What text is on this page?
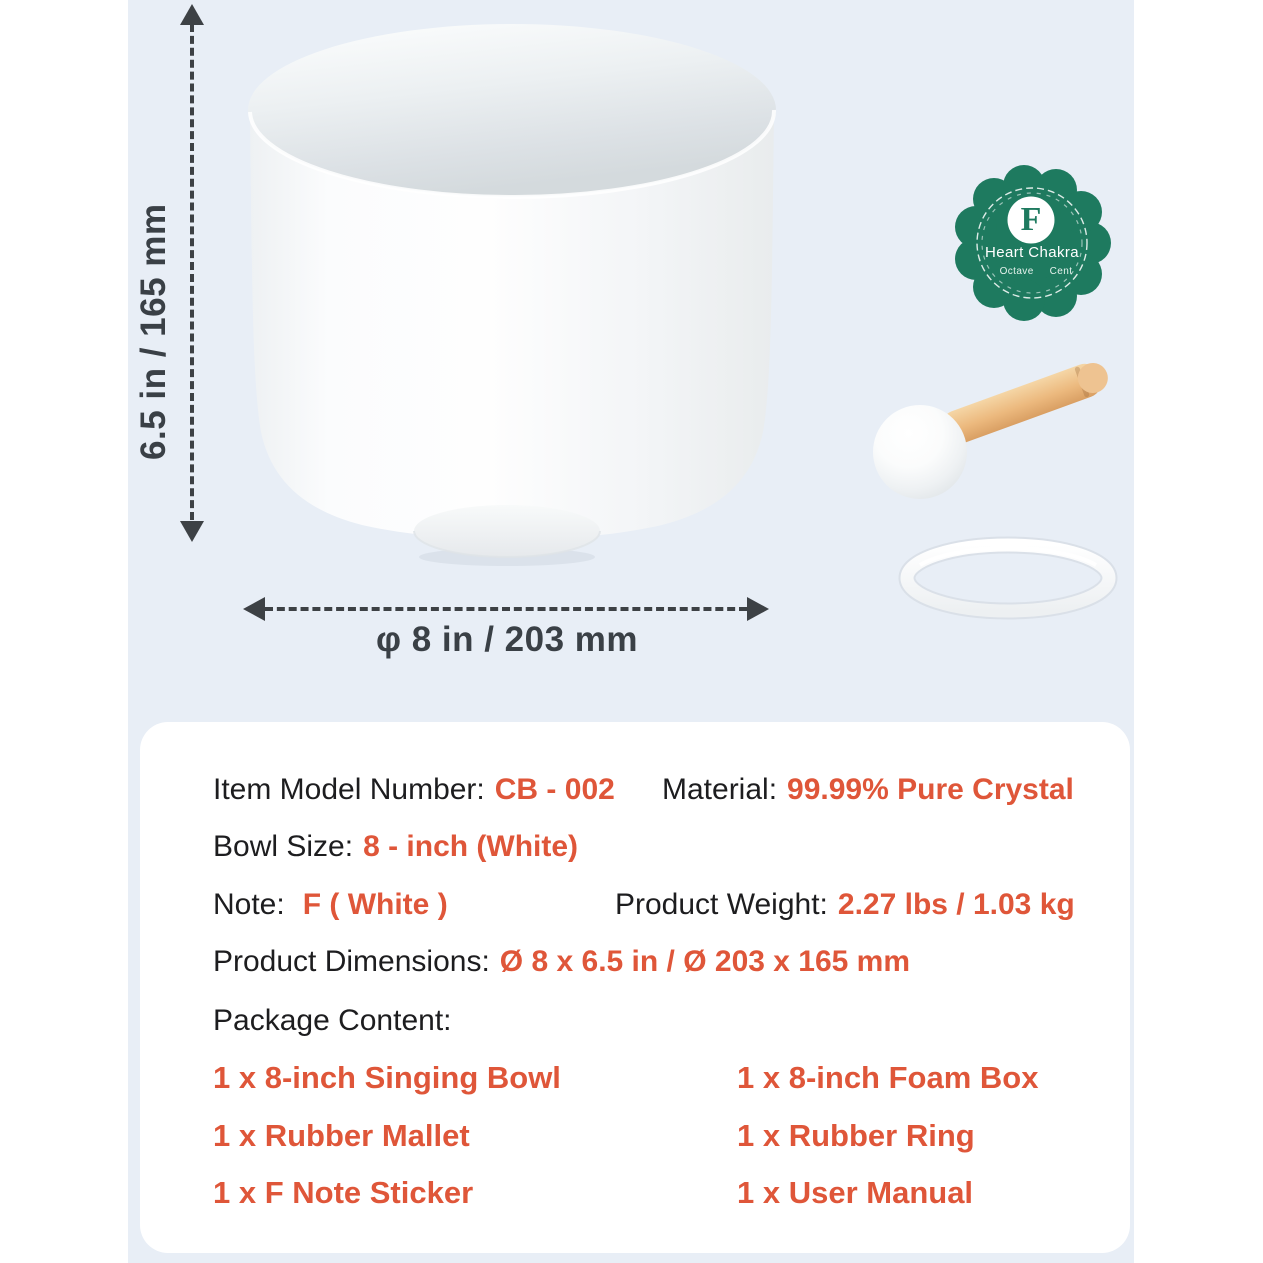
6.5 in / 165 mm
φ 8 in / 203 mm
F
Heart Chakra
Octave Cent
Item Model Number: CB - 002 Material: 99.99% Pure Crystal
Bowl Size: 8 - inch (White)
Note: F ( White )	Product Weight: 2.27 lbs / 1.03 kg
Product Dimensions: Ø 8 x 6.5 in / Ø 203 x 165 mm
Package Content:
1 x 8-inch Singing Bowl	1 x 8-inch Foam Box
1 x Rubber Mallet	1 x Rubber Ring
1 x F Note Sticker	1 x User Manual
